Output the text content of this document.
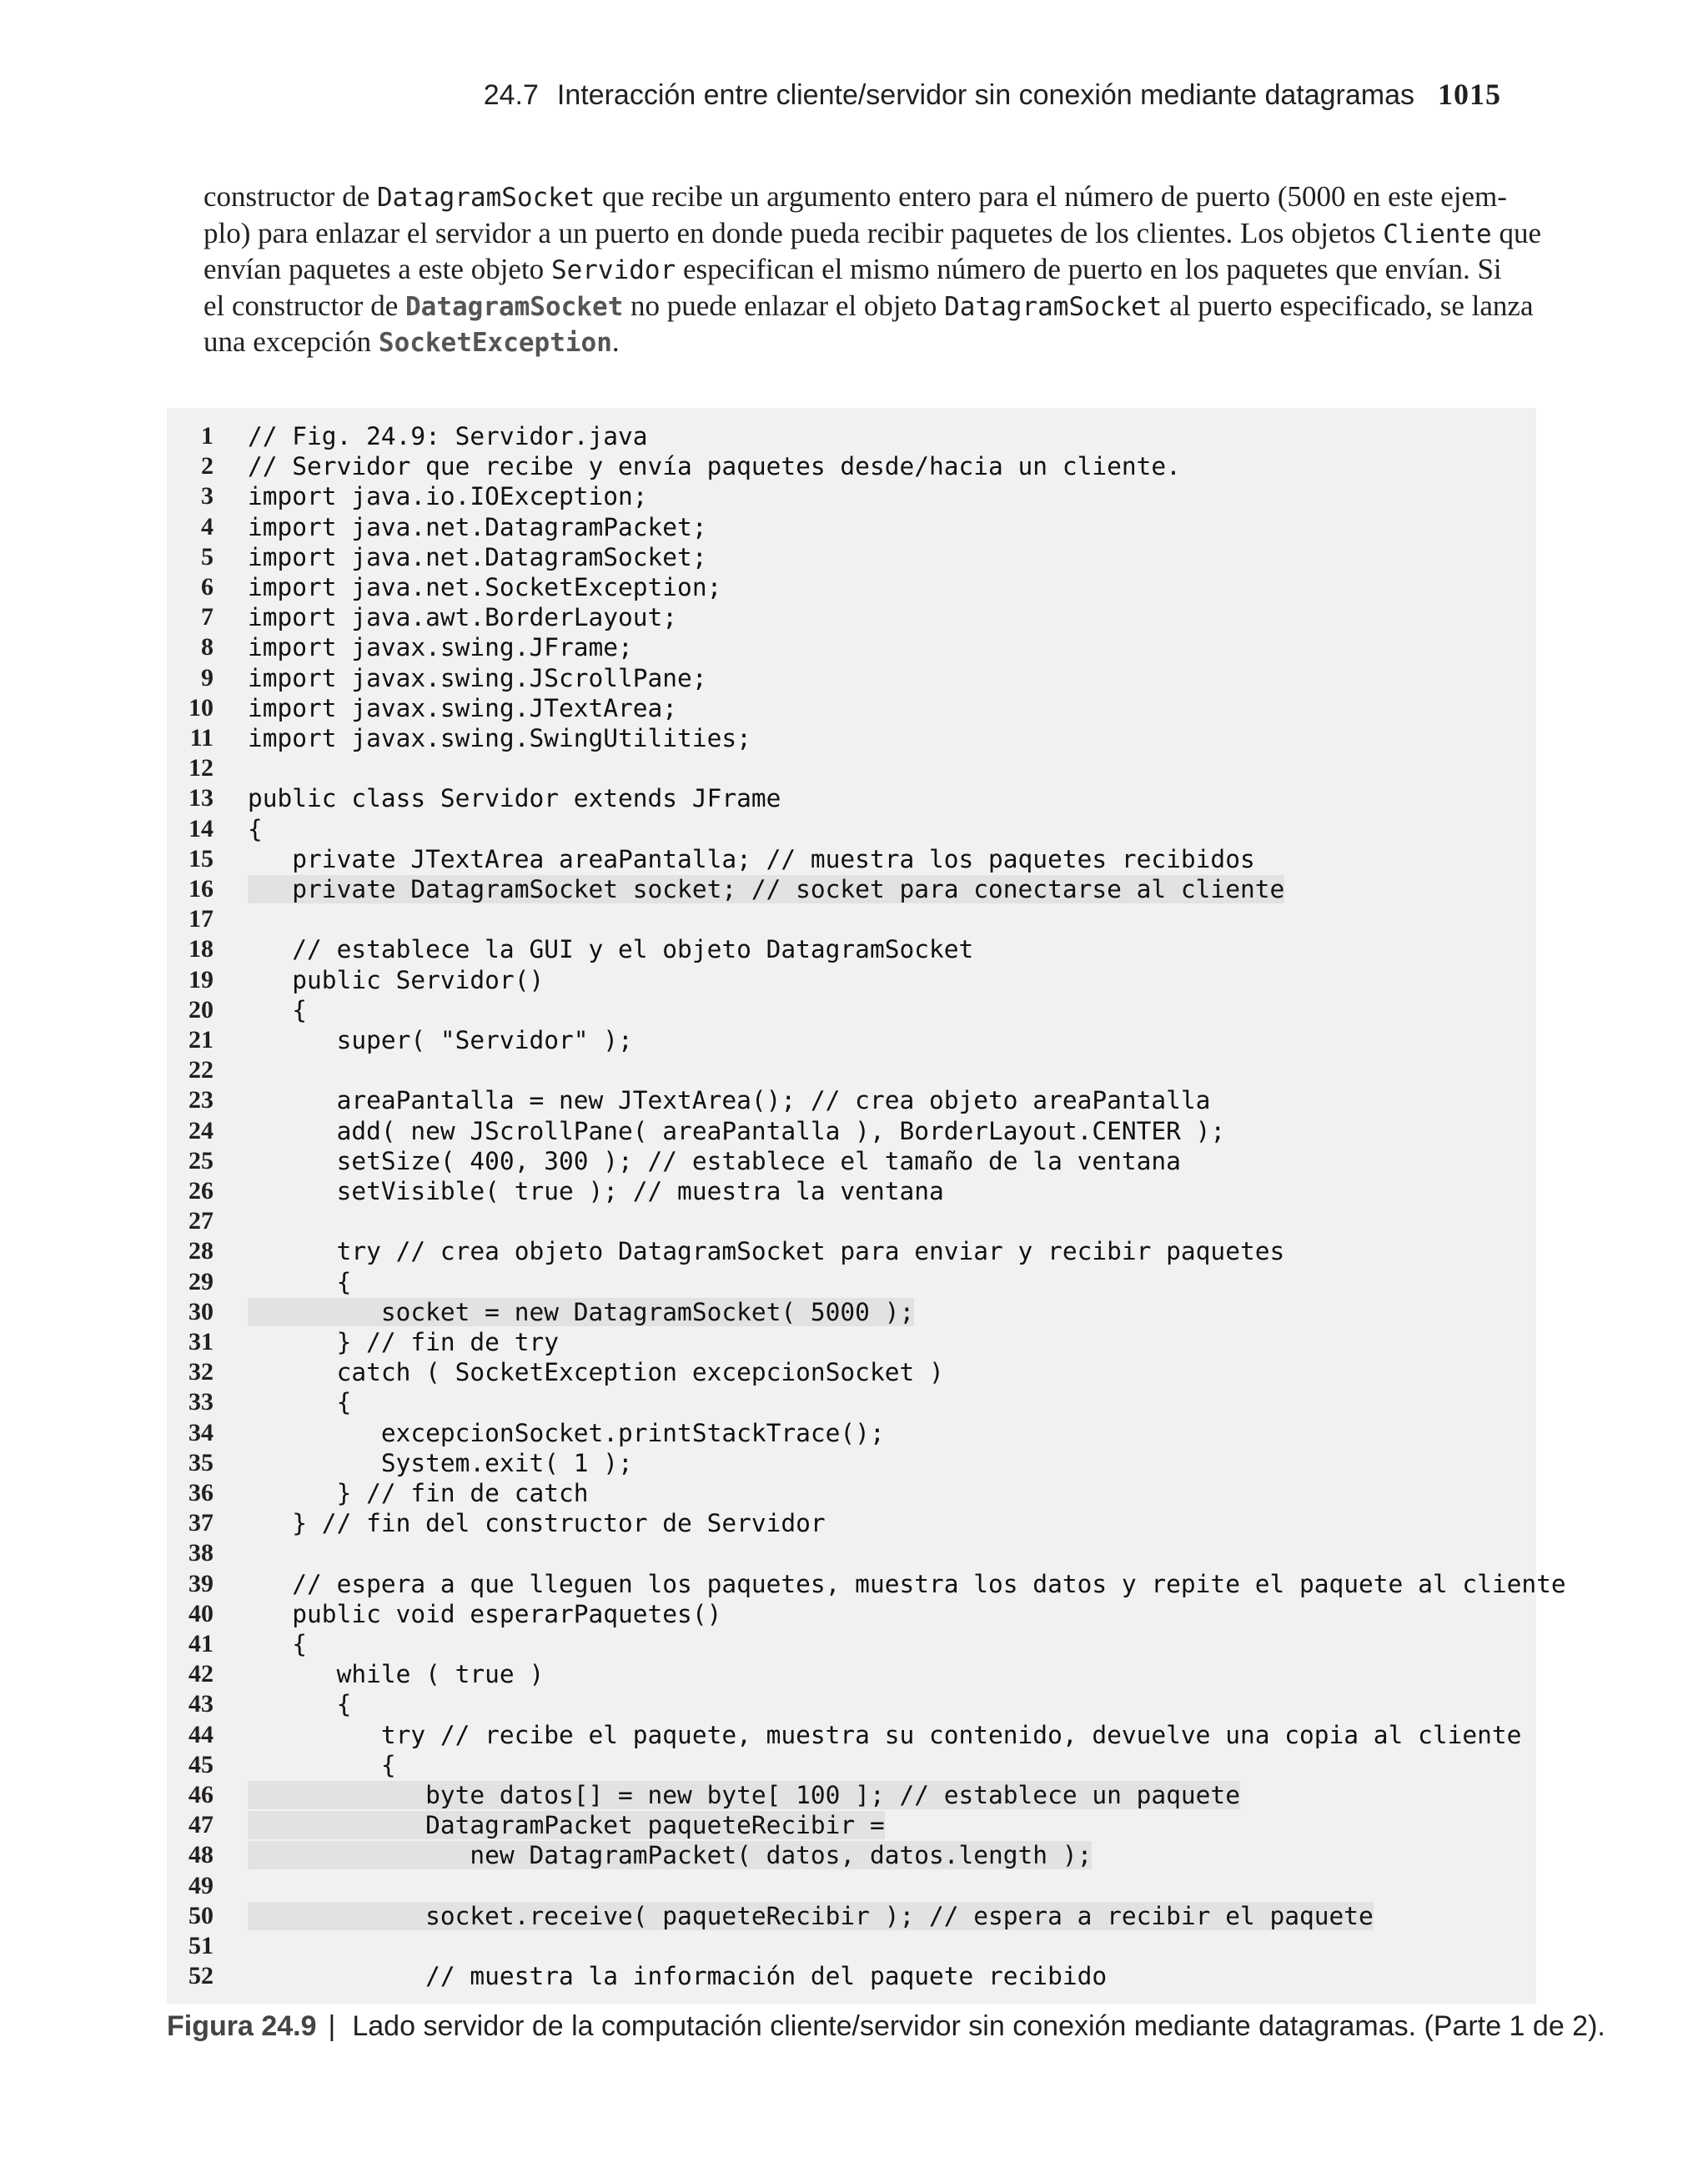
24.7 Interacción entre cliente/servidor sin conexión mediante datagramas 1015
constructor de DatagramSocket que recibe un argumento entero para el número de puerto (5000 en este ejem-
plo) para enlazar el servidor a un puerto en donde pueda recibir paquetes de los clientes. Los objetos Cliente que
envían paquetes a este objeto Servidor especifican el mismo número de puerto en los paquetes que envían. Si
el constructor de DatagramSocket no puede enlazar el objeto DatagramSocket al puerto especificado, se lanza
una excepción SocketException.
1 // Fig. 24.9: Servidor.java
2 // Servidor que recibe y envía paquetes desde/hacia un cliente.
3 import java.io.IOException;
4 import java.net.DatagramPacket;
5 import java.net.DatagramSocket;
6 import java.net.SocketException;
7 import java.awt.BorderLayout;
8 import javax.swing.JFrame;
9 import javax.swing.JScrollPane;
10 import javax.swing.JTextArea;
11 import javax.swing.SwingUtilities;
12
13 public class Servidor extends JFrame
14 {
15 private JTextArea areaPantalla; // muestra los paquetes recibidos
16 private DatagramSocket socket; // socket para conectarse al cliente
17
18 // establece la GUI y el objeto DatagramSocket
19 public Servidor()
20 {
21 super( "Servidor" );
22
23 areaPantalla = new JTextArea(); // crea objeto areaPantalla
24 add( new JScrollPane( areaPantalla ), BorderLayout.CENTER );
25 setSize( 400, 300 ); // establece el tamaño de la ventana
26 setVisible( true ); // muestra la ventana
27
28 try // crea objeto DatagramSocket para enviar y recibir paquetes
29 {
30 socket = new DatagramSocket( 5000 );
31 } // fin de try
32 catch ( SocketException excepcionSocket )
33 {
34 excepcionSocket.printStackTrace();
35 System.exit( 1 );
36 } // fin de catch
37 } // fin del constructor de Servidor
38
39 // espera a que lleguen los paquetes, muestra los datos y repite el paquete al cliente
40 public void esperarPaquetes()
41 {
42 while ( true )
43 {
44 try // recibe el paquete, muestra su contenido, devuelve una copia al cliente
45 {
46 byte datos[] = new byte[ 100 ]; // establece un paquete
47 DatagramPacket paqueteRecibir =
48 new DatagramPacket( datos, datos.length );
49
50 socket.receive( paqueteRecibir ); // espera a recibir el paquete
51
52 // muestra la información del paquete recibido
Figura 24.9 | Lado servidor de la computación cliente/servidor sin conexión mediante datagramas. (Parte 1 de 2).
